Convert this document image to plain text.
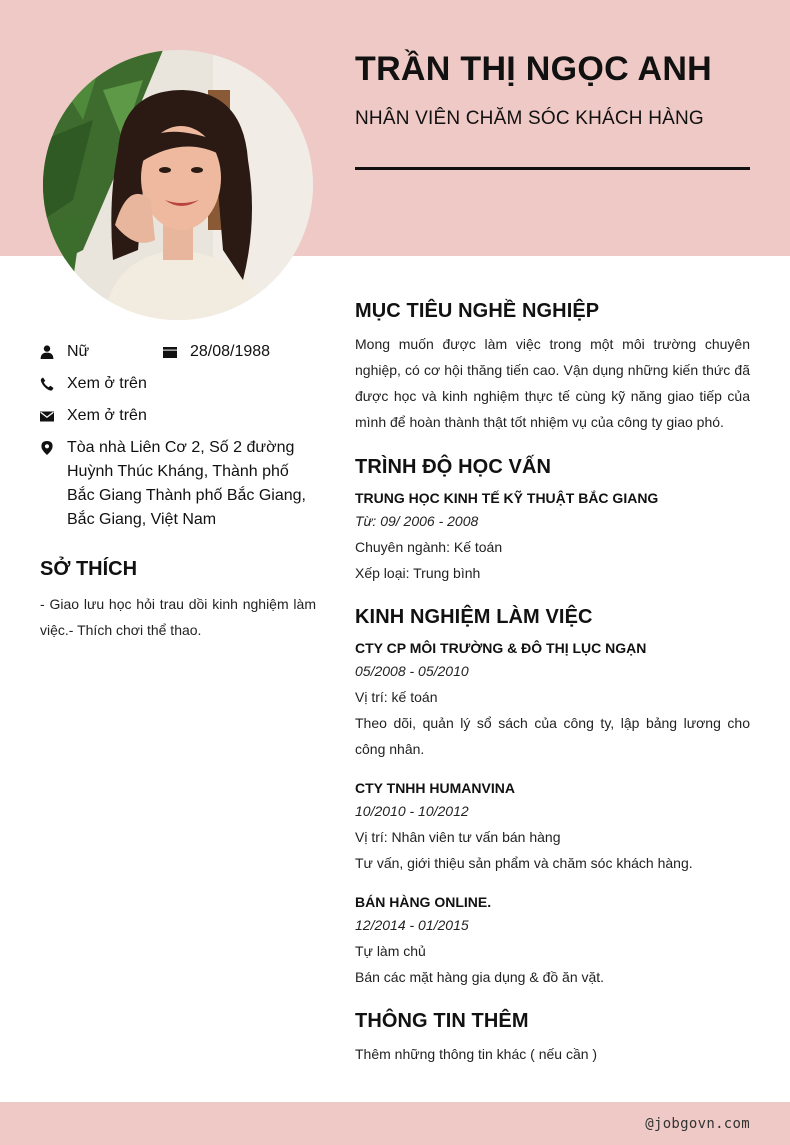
@jobgovn.com
TRẦN THỊ NGỌC ANH
NHÂN VIÊN CHĂM SÓC KHÁCH HÀNG
Nữ	28/08/1988
Xem ở trên
Xem ở trên
Tòa nhà Liên Cơ 2, Số 2 đường Huỳnh Thúc Kháng, Thành phố Bắc Giang Thành phố Bắc Giang, Bắc Giang, Việt Nam
SỞ THÍCH
- Giao lưu học hỏi trau dồi kinh nghiệm làm việc.- Thích chơi thể thao.
MỤC TIÊU NGHỀ NGHIỆP
Mong muốn được làm việc trong một môi trường chuyên nghiệp, có cơ hội thăng tiến cao. Vận dụng những kiến thức đã được học và kinh nghiệm thực tế cùng kỹ năng giao tiếp của mình để hoàn thành thật tốt nhiệm vụ của công ty giao phó.
TRÌNH ĐỘ HỌC VẤN
TRUNG HỌC KINH TẾ KỸ THUẬT BẮC GIANG
Từ: 09/ 2006 - 2008
Chuyên ngành: Kế toán
Xếp loại: Trung bình
KINH NGHIỆM LÀM VIỆC
CTY CP MÔI TRƯỜNG & ĐÔ THỊ LỤC NGẠN
05/2008 - 05/2010
Vị trí: kế toán
Theo dõi, quản lý sổ sách của công ty, lập bảng lương cho công nhân.
CTY TNHH HUMANVINA
10/2010 - 10/2012
Vị trí: Nhân viên tư vấn bán hàng
Tư vấn, giới thiệu sản phẩm và chăm sóc khách hàng.
BÁN HÀNG ONLINE.
12/2014 - 01/2015
Tự làm chủ
Bán các mặt hàng gia dụng & đồ ăn vặt.
THÔNG TIN THÊM
Thêm những thông tin khác ( nếu cần )
